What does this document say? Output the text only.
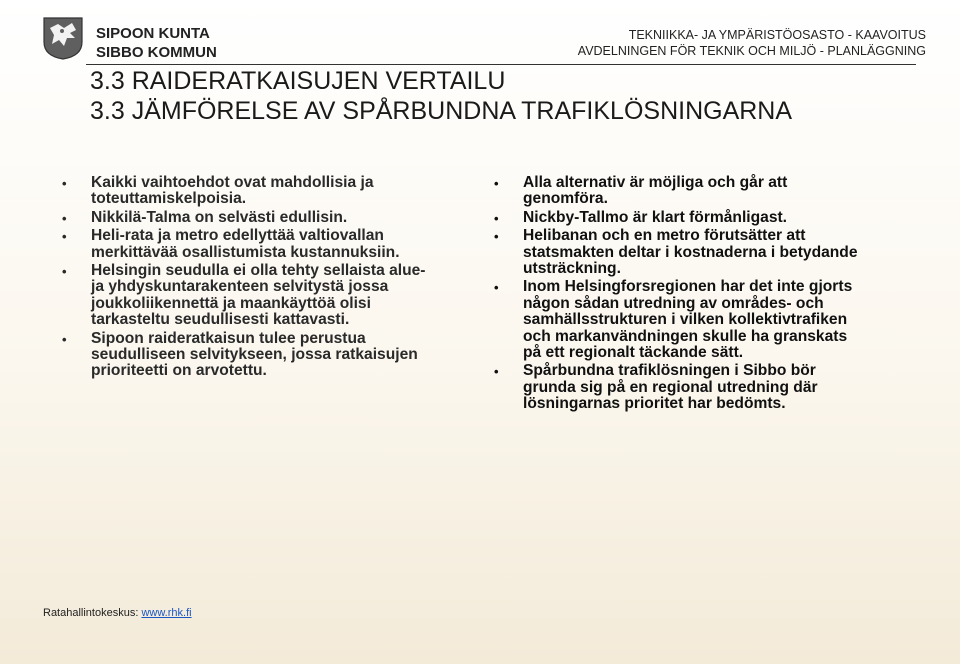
SIPOON KUNTA
SIBBO KOMMUN
TEKNIIKKA- JA YMPÄRISTÖOSASTO - KAAVOITUS
AVDELNINGEN FÖR TEKNIK OCH MILJÖ - PLANLÄGGNING
3.3 RAIDERATKAISUJEN VERTAILU
3.3 JÄMFÖRELSE AV SPÅRBUNDNA TRAFIKLÖSNINGARNA
• Kaikki vaihtoehdot ovat mahdollisia ja
toteuttamiskelpoisia.
• Nikkilä-Talma on selvästi edullisin.
• Heli-rata ja metro edellyttää valtiovallan
merkittävää osallistumista kustannuksiin.
• Helsingin seudulla ei olla tehty sellaista alue-
ja yhdyskuntarakenteen selvitystä jossa
joukkoliikennettä ja maankäyttöä olisi
tarkasteltu seudullisesti kattavasti.
• Sipoon raideratkaisun tulee perustua
seudulliseen selvitykseen, jossa ratkaisujen
prioriteetti on arvotettu.
• Alla alternativ är möjliga och går att
genomföra.
• Nickby-Tallmo är klart förmånligast.
• Helibanan och en metro förutsätter att
statsmakten deltar i kostnaderna i betydande
utsträckning.
• Inom Helsingforsregionen har det inte gjorts
någon sådan utredning av områdes- och
samhällsstrukturen i vilken kollektivtrafiken
och markanvändningen skulle ha granskats
på ett regionalt täckande sätt.
• Spårbundna trafiklösningen i Sibbo bör
grunda sig på en regional utredning där
lösningarnas prioritet har bedömts.
Ratahallintokeskus: www.rhk.fi
